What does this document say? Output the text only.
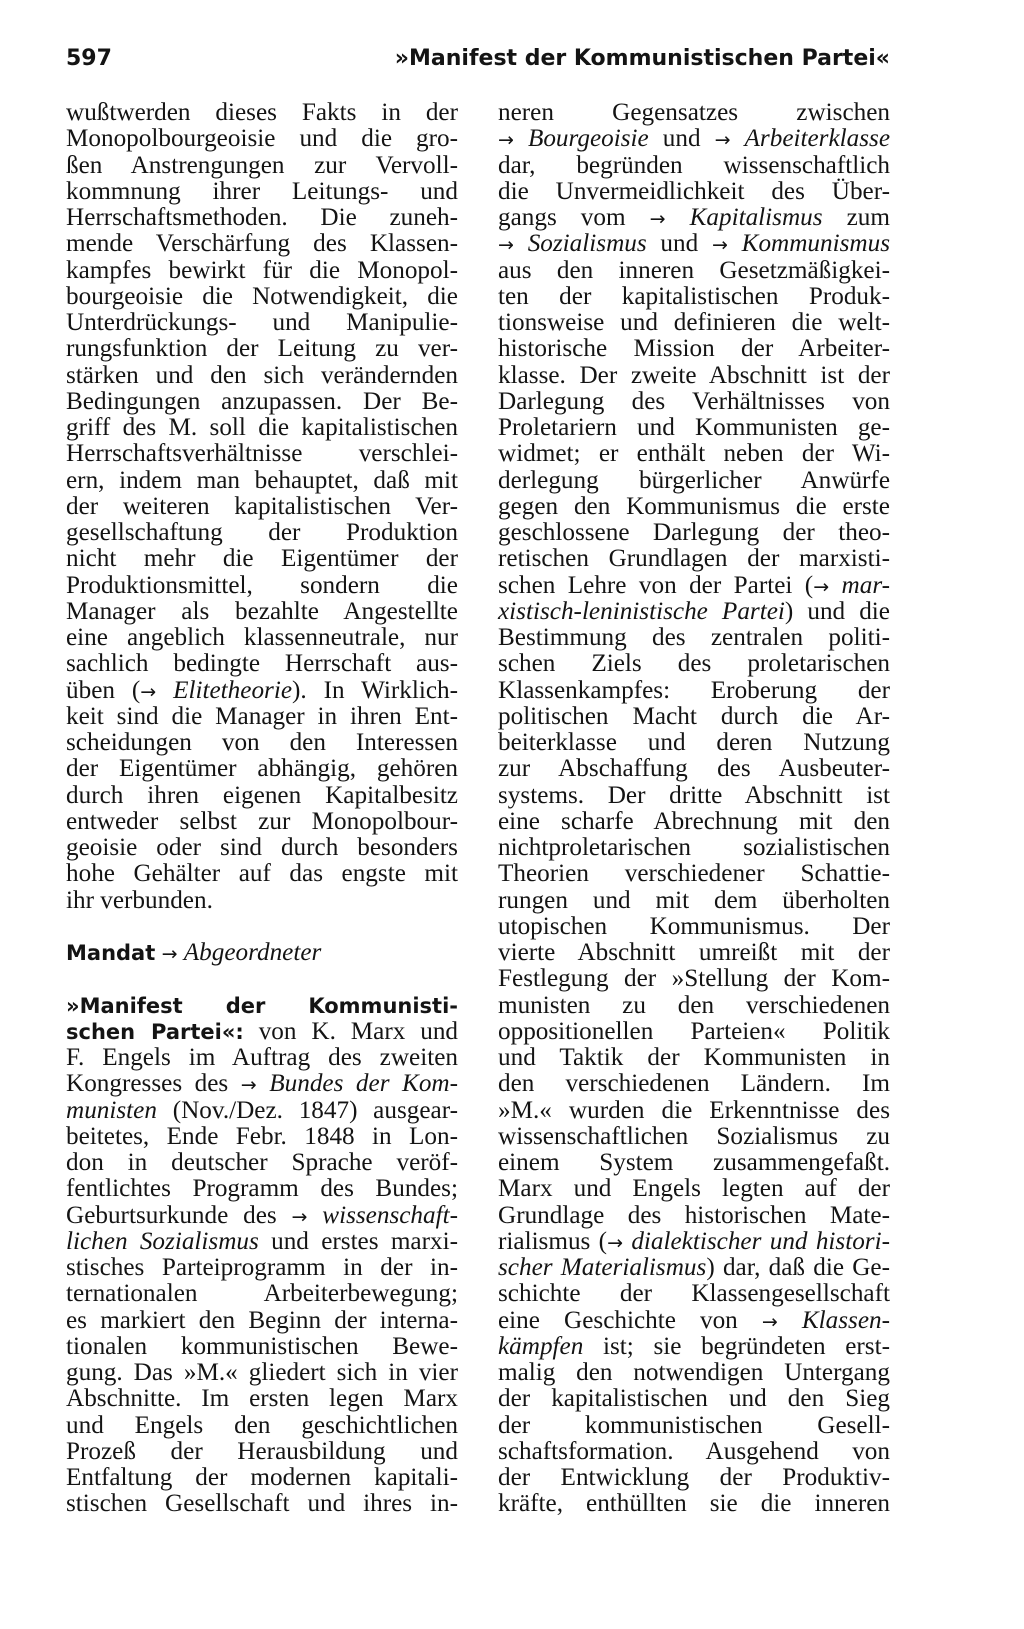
597	»Manifest der Kommunistischen Partei«
wußtwerden dieses Fakts in der
Monopolbourgeoisie und die gro-
ßen Anstrengungen zur Vervoll-
kommnung ihrer Leitungs- und
Herrschaftsmethoden. Die zuneh-
mende Verschärfung des Klassen-
kampfes bewirkt für die Monopol-
bourgeoisie die Notwendigkeit, die
Unterdrückungs- und Manipulie-
rungsfunktion der Leitung zu ver-
stärken und den sich verändernden
Bedingungen anzupassen. Der Be-
griff des M. soll die kapitalistischen
Herrschaftsverhältnisse verschlei-
ern, indem man behauptet, daß mit
der weiteren kapitalistischen Ver-
gesellschaftung der Produktion
nicht mehr die Eigentümer der
Produktionsmittel, sondern die
Manager als bezahlte Angestellte
eine angeblich klassenneutrale, nur
sachlich bedingte Herrschaft aus-
üben (→ Elitetheorie). In Wirklich-
keit sind die Manager in ihren Ent-
scheidungen von den Interessen
der Eigentümer abhängig, gehören
durch ihren eigenen Kapitalbesitz
entweder selbst zur Monopolbour-
geoisie oder sind durch besonders
hohe Gehälter auf das engste mit
ihr verbunden.
Mandat → Abgeordneter
»Manifest der Kommunisti-
schen Partei«: von K. Marx und
F. Engels im Auftrag des zweiten
Kongresses des → Bundes der Kom-
munisten (Nov./Dez. 1847) ausgear-
beitetes, Ende Febr. 1848 in Lon-
don in deutscher Sprache veröf-
fentlichtes Programm des Bundes;
Geburtsurkunde des → wissenschaft-
lichen Sozialismus und erstes marxi-
stisches Parteiprogramm in der in-
ternationalen Arbeiterbewegung;
es markiert den Beginn der interna-
tionalen kommunistischen Bewe-
gung. Das »M.« gliedert sich in vier
Abschnitte. Im ersten legen Marx
und Engels den geschichtlichen
Prozeß der Herausbildung und
Entfaltung der modernen kapitali-
stischen Gesellschaft und ihres in-
neren Gegensatzes zwischen
→ Bourgeoisie und → Arbeiterklasse
dar, begründen wissenschaftlich
die Unvermeidlichkeit des Über-
gangs vom → Kapitalismus zum
→ Sozialismus und → Kommunismus
aus den inneren Gesetzmäßigkei-
ten der kapitalistischen Produk-
tionsweise und definieren die welt-
historische Mission der Arbeiter-
klasse. Der zweite Abschnitt ist der
Darlegung des Verhältnisses von
Proletariern und Kommunisten ge-
widmet; er enthält neben der Wi-
derlegung bürgerlicher Anwürfe
gegen den Kommunismus die erste
geschlossene Darlegung der theo-
retischen Grundlagen der marxisti-
schen Lehre von der Partei (→ mar-
xistisch-leninistische Partei) und die
Bestimmung des zentralen politi-
schen Ziels des proletarischen
Klassenkampfes: Eroberung der
politischen Macht durch die Ar-
beiterklasse und deren Nutzung
zur Abschaffung des Ausbeuter-
systems. Der dritte Abschnitt ist
eine scharfe Abrechnung mit den
nichtproletarischen sozialistischen
Theorien verschiedener Schattie-
rungen und mit dem überholten
utopischen Kommunismus. Der
vierte Abschnitt umreißt mit der
Festlegung der »Stellung der Kom-
munisten zu den verschiedenen
oppositionellen Parteien« Politik
und Taktik der Kommunisten in
den verschiedenen Ländern. Im
»M.« wurden die Erkenntnisse des
wissenschaftlichen Sozialismus zu
einem System zusammengefaßt.
Marx und Engels legten auf der
Grundlage des historischen Mate-
rialismus (→ dialektischer und histori-
scher Materialismus) dar, daß die Ge-
schichte der Klassengesellschaft
eine Geschichte von → Klassen-
kämpfen ist; sie begründeten erst-
malig den notwendigen Untergang
der kapitalistischen und den Sieg
der kommunistischen Gesell-
schaftsformation. Ausgehend von
der Entwicklung der Produktiv-
kräfte, enthüllten sie die inneren
